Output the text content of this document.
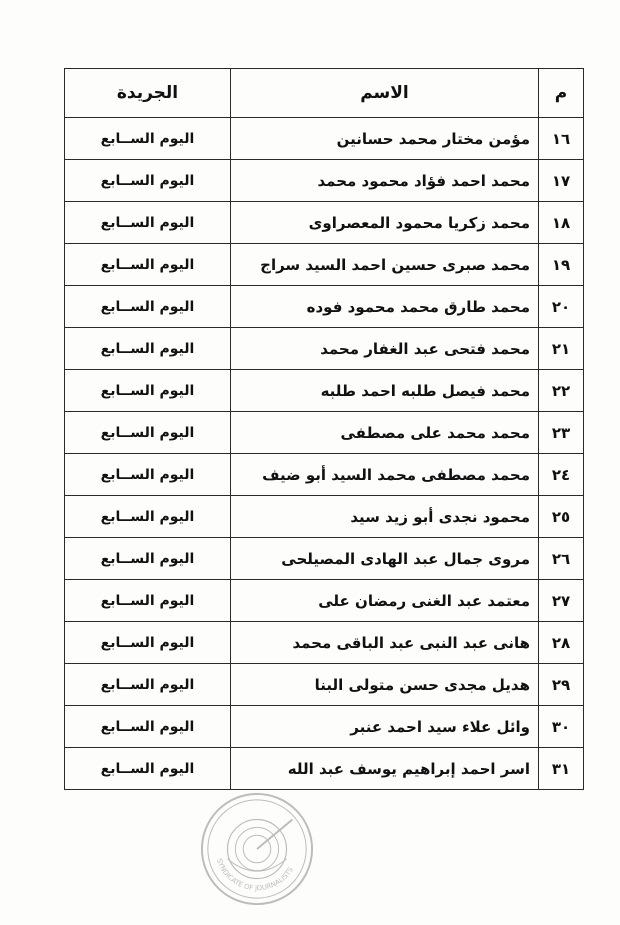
م	الاسم	الجريدة
١٦	مؤمن مختار محمد حسانين	اليوم الســابع
١٧	محمد احمد فؤاد محمود محمد	اليوم الســابع
١٨	محمد زكريا محمود المعصراوى	اليوم الســابع
١٩	محمد صبرى حسين احمد السيد سراج	اليوم الســابع
٢٠	محمد طارق محمد محمود فوده	اليوم الســابع
٢١	محمد فتحى عبد الغفار محمد	اليوم الســابع
٢٢	محمد فيصل طلبه احمد طلبه	اليوم الســابع
٢٣	محمد محمد على مصطفى	اليوم الســابع
٢٤	محمد مصطفى محمد السيد أبو ضيف	اليوم الســابع
٢٥	محمود نجدى أبو زيد سيد	اليوم الســابع
٢٦	مروى جمال عبد الهادى المصيلحى	اليوم الســابع
٢٧	معتمد عبد الغنى رمضان على	اليوم الســابع
٢٨	هانى عبد النبى عبد الباقى محمد	اليوم الســابع
٢٩	هديل مجدى حسن متولى البنا	اليوم الســابع
٣٠	وائل علاء سيد احمد عنبر	اليوم الســابع
٣١	اسر احمد إبراهيم يوسف عبد الله	اليوم الســابع
SYNDICATE OF JOURNALISTS
